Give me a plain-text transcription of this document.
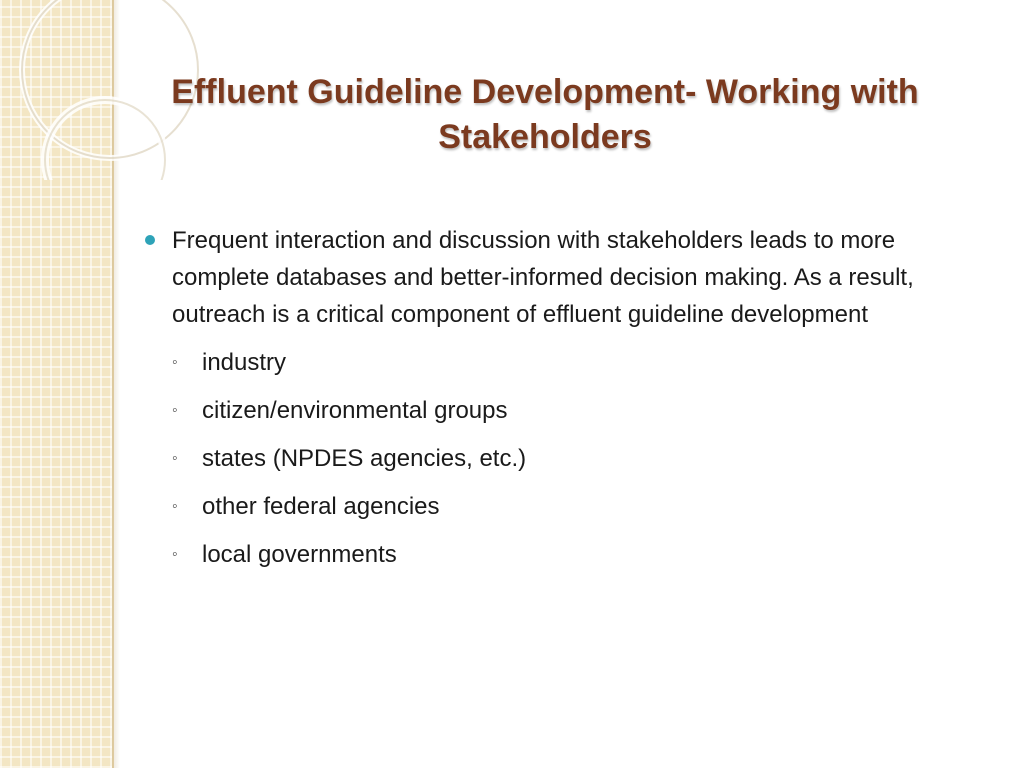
Effluent Guideline Development- Working with Stakeholders
Frequent interaction and discussion with stakeholders leads to more complete databases and better-informed decision making. As a result, outreach is a critical component of effluent guideline development
◦ industry
◦ citizen/environmental groups
◦ states (NPDES agencies, etc.)
◦ other federal agencies
◦ local governments
